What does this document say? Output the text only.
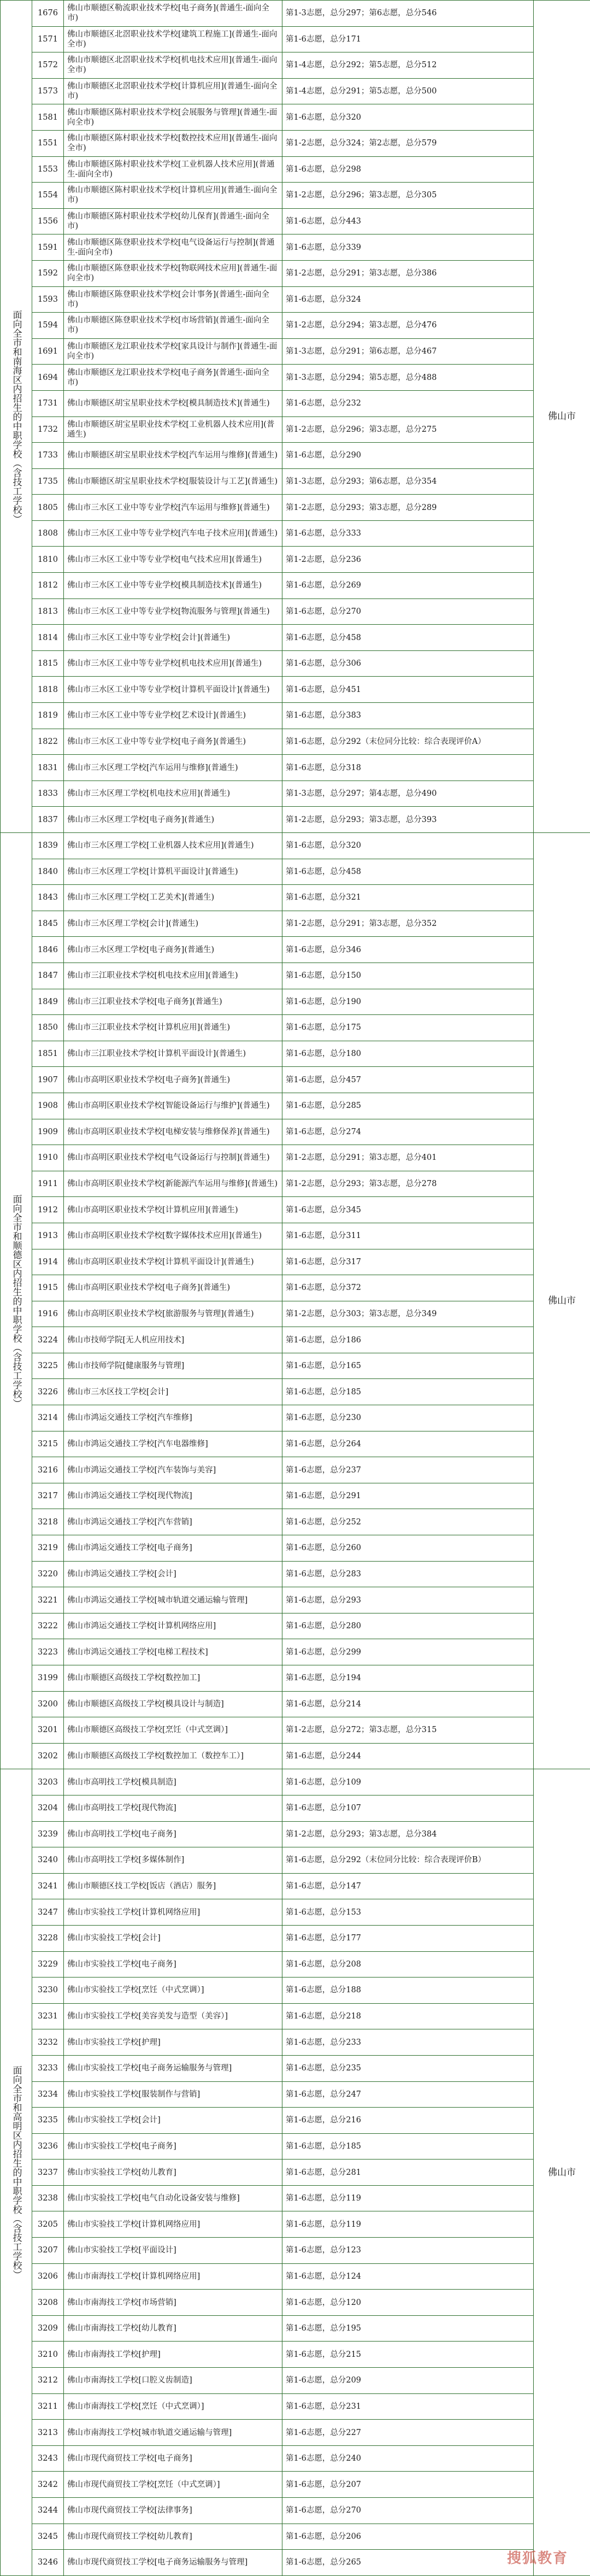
面向全市和南海区内招生的中职学校（含技工学校）	1676	佛山市顺德区勒流职业技术学校[电子商务](普通生-面向全市)	第1-3志愿，总分297；第6志愿，总分546	佛山市
	1571	佛山市顺德区北滘职业技术学校[建筑工程施工](普通生-面向全市)	第1-6志愿，总分171	
	1572	佛山市顺德区北滘职业技术学校[机电技术应用](普通生-面向全市)	第1-4志愿，总分292；第5志愿，总分512	
	1573	佛山市顺德区北滘职业技术学校[计算机应用](普通生-面向全市)	第1-4志愿，总分291；第5志愿，总分500	
	1581	佛山市顺德区陈村职业技术学校[会展服务与管理](普通生-面向全市)	第1-6志愿，总分320	
	1551	佛山市顺德区陈村职业技术学校[数控技术应用](普通生-面向全市)	第1-2志愿，总分324；第2志愿，总分579	
	1553	佛山市顺德区陈村职业技术学校[工业机器人技术应用](普通生-面向全市)	第1-6志愿，总分298	
	1554	佛山市顺德区陈村职业技术学校[计算机应用](普通生-面向全市)	第1-2志愿，总分296；第3志愿，总分305	
	1556	佛山市顺德区陈村职业技术学校[幼儿保育](普通生-面向全市)	第1-6志愿，总分443	
	1591	佛山市顺德区陈登职业技术学校[电气设备运行与控制](普通生-面向全市)	第1-6志愿，总分339	
	1592	佛山市顺德区陈登职业技术学校[物联网技术应用](普通生-面向全市)	第1-2志愿，总分291；第3志愿，总分386	
	1593	佛山市顺德区陈登职业技术学校[会计事务](普通生-面向全市)	第1-6志愿，总分324	
	1594	佛山市顺德区陈登职业技术学校[市场营销](普通生-面向全市)	第1-2志愿，总分294；第3志愿，总分476	
	1691	佛山市顺德区龙江职业技术学校[家具设计与制作](普通生-面向全市)	第1-3志愿，总分291；第6志愿，总分467	
	1694	佛山市顺德区龙江职业技术学校[电子商务](普通生-面向全市)	第1-3志愿，总分294；第5志愿，总分488	
	1731	佛山市顺德区胡宝星职业技术学校[模具制造技术](普通生)	第1-6志愿，总分232	
	1732	佛山市顺德区胡宝星职业技术学校[工业机器人技术应用](普通生)	第1-2志愿，总分296；第3志愿，总分275	
	1733	佛山市顺德区胡宝星职业技术学校[汽车运用与维修](普通生)	第1-6志愿，总分290	
	1735	佛山市顺德区胡宝星职业技术学校[服装设计与工艺](普通生)	第1-3志愿，总分293；第6志愿，总分354	
	1805	佛山市三水区工业中等专业学校[汽车运用与维修](普通生)	第1-2志愿，总分293；第3志愿，总分289	
	1808	佛山市三水区工业中等专业学校[汽车电子技术应用](普通生)	第1-6志愿，总分333	
	1810	佛山市三水区工业中等专业学校[电气技术应用](普通生)	第1-2志愿，总分236	
	1812	佛山市三水区工业中等专业学校[模具制造技术](普通生)	第1-6志愿，总分269	
	1813	佛山市三水区工业中等专业学校[物流服务与管理](普通生)	第1-6志愿，总分270	
	1814	佛山市三水区工业中等专业学校[会计](普通生)	第1-6志愿，总分458	
	1815	佛山市三水区工业中等专业学校[机电技术应用](普通生)	第1-6志愿，总分306	
	1818	佛山市三水区工业中等专业学校[计算机平面设计](普通生)	第1-6志愿，总分451	
	1819	佛山市三水区工业中等专业学校[艺术设计](普通生)	第1-6志愿，总分383	
	1822	佛山市三水区工业中等专业学校[电子商务](普通生)	第1-6志愿，总分292（末位同分比较：综合表现评价A）	
	1831	佛山市三水区理工学校[汽车运用与维修](普通生)	第1-6志愿，总分318	
	1833	佛山市三水区理工学校[机电技术应用](普通生)	第1-3志愿，总分297；第4志愿，总分490	
	1837	佛山市三水区理工学校[电子商务](普通生)	第1-2志愿，总分293；第3志愿，总分393	
面向全市和顺德区内招生的中职学校（含技工学校）	1839	佛山市三水区理工学校[工业机器人技术应用](普通生)	第1-6志愿，总分320	佛山市
	1840	佛山市三水区理工学校[计算机平面设计](普通生)	第1-6志愿，总分458	
	1843	佛山市三水区理工学校[工艺美术](普通生)	第1-6志愿，总分321	
	1845	佛山市三水区理工学校[会计](普通生)	第1-2志愿，总分291；第3志愿，总分352	
	1846	佛山市三水区理工学校[电子商务](普通生)	第1-6志愿，总分346	
	1847	佛山市三江职业技术学校[机电技术应用](普通生)	第1-6志愿，总分150	
	1849	佛山市三江职业技术学校[电子商务](普通生)	第1-6志愿，总分190	
	1850	佛山市三江职业技术学校[计算机应用](普通生)	第1-6志愿，总分175	
	1851	佛山市三江职业技术学校[计算机平面设计](普通生)	第1-6志愿，总分180	
	1907	佛山市高明区职业技术学校[电子商务](普通生)	第1-6志愿，总分457	
	1908	佛山市高明区职业技术学校[智能设备运行与维护](普通生)	第1-6志愿，总分285	
	1909	佛山市高明区职业技术学校[电梯安装与维修保养](普通生)	第1-6志愿，总分274	
	1910	佛山市高明区职业技术学校[电气设备运行与控制](普通生)	第1-2志愿，总分291；第3志愿，总分401	
	1911	佛山市高明区职业技术学校[新能源汽车运用与维修](普通生)	第1-2志愿，总分293；第3志愿，总分278	
	1912	佛山市高明区职业技术学校[计算机应用](普通生)	第1-6志愿，总分345	
	1913	佛山市高明区职业技术学校[数字媒体技术应用](普通生)	第1-6志愿，总分311	
	1914	佛山市高明区职业技术学校[计算机平面设计](普通生)	第1-6志愿，总分317	
	1915	佛山市高明区职业技术学校[电子商务](普通生)	第1-6志愿，总分372	
	1916	佛山市高明区职业技术学校[旅游服务与管理](普通生)	第1-2志愿，总分303；第3志愿，总分349	
	3224	佛山市技师学院[无人机应用技术]	第1-6志愿，总分186	
	3225	佛山市技师学院[健康服务与管理]	第1-6志愿，总分165	
	3226	佛山市三水区技工学校[会计]	第1-6志愿，总分185	
	3214	佛山市鸿运交通技工学校[汽车维修]	第1-6志愿，总分230	
	3215	佛山市鸿运交通技工学校[汽车电器维修]	第1-6志愿，总分264	
	3216	佛山市鸿运交通技工学校[汽车装饰与美容]	第1-6志愿，总分237	
	3217	佛山市鸿运交通技工学校[现代物流]	第1-6志愿，总分291	
	3218	佛山市鸿运交通技工学校[汽车营销]	第1-6志愿，总分252	
	3219	佛山市鸿运交通技工学校[电子商务]	第1-6志愿，总分260	
	3220	佛山市鸿运交通技工学校[会计]	第1-6志愿，总分283	
	3221	佛山市鸿运交通技工学校[城市轨道交通运输与管理]	第1-6志愿，总分293	
	3222	佛山市鸿运交通技工学校[计算机网络应用]	第1-6志愿，总分280	
	3223	佛山市鸿运交通技工学校[电梯工程技术]	第1-6志愿，总分299	
	3199	佛山市顺德区高级技工学校[数控加工]	第1-6志愿，总分194	
	3200	佛山市顺德区高级技工学校[模具设计与制造]	第1-6志愿，总分214	
	3201	佛山市顺德区高级技工学校[烹饪（中式烹调）]	第1-2志愿，总分272；第3志愿，总分315	
	3202	佛山市顺德区高级技工学校[数控加工（数控车工）]	第1-6志愿，总分244	
面向全市和高明区内招生的中职学校（含技工学校）	3203	佛山市高明技工学校[模具制造]	第1-6志愿，总分109	佛山市
	3204	佛山市高明技工学校[现代物流]	第1-6志愿，总分107	
	3239	佛山市高明技工学校[电子商务]	第1-2志愿，总分293；第3志愿，总分384	
	3240	佛山市高明技工学校[多媒体制作]	第1-6志愿，总分292（末位同分比较：综合表现评价B）	
	3241	佛山市顺德区技工学校[饭店（酒店）服务]	第1-6志愿，总分147	
	3247	佛山市实验技工学校[计算机网络应用]	第1-6志愿，总分153	
	3228	佛山市实验技工学校[会计]	第1-6志愿，总分177	
	3229	佛山市实验技工学校[电子商务]	第1-6志愿，总分208	
	3230	佛山市实验技工学校[烹饪（中式烹调）]	第1-6志愿，总分188	
	3231	佛山市实验技工学校[美容美发与造型（美容）]	第1-6志愿，总分218	
	3232	佛山市实验技工学校[护理]	第1-6志愿，总分233	
	3233	佛山市实验技工学校[电子商务运输服务与管理]	第1-6志愿，总分235	
	3234	佛山市实验技工学校[服装制作与营销]	第1-6志愿，总分247	
	3235	佛山市实验技工学校[会计]	第1-6志愿，总分216	
	3236	佛山市实验技工学校[电子商务]	第1-6志愿，总分185	
	3237	佛山市实验技工学校[幼儿教育]	第1-6志愿，总分281	
	3238	佛山市实验技工学校[电气自动化设备安装与维修]	第1-6志愿，总分119	
	3205	佛山市实验技工学校[计算机网络应用]	第1-6志愿，总分119	
	3207	佛山市实验技工学校[平面设计]	第1-6志愿，总分123	
	3206	佛山市南海技工学校[计算机网络应用]	第1-6志愿，总分124	
	3208	佛山市南海技工学校[市场营销]	第1-6志愿，总分120	
	3209	佛山市南海技工学校[幼儿教育]	第1-6志愿，总分195	
	3210	佛山市南海技工学校[护理]	第1-6志愿，总分215	
	3212	佛山市南海技工学校[口腔义齿制造]	第1-6志愿，总分209	
	3211	佛山市南海技工学校[烹饪（中式烹调）]	第1-6志愿，总分231	
	3213	佛山市南海技工学校[城市轨道交通运输与管理]	第1-6志愿，总分227	
	3243	佛山市现代商贸技工学校[电子商务]	第1-6志愿，总分240	
	3242	佛山市现代商贸技工学校[烹饪（中式烹调）]	第1-6志愿，总分207	
	3244	佛山市现代商贸技工学校[法律事务]	第1-6志愿，总分270	
	3245	佛山市现代商贸技工学校[幼儿教育]	第1-6志愿，总分206	
	3246	佛山市现代商贸技工学校[电子商务运输服务与管理]	第1-6志愿，总分265		搜狐教育
